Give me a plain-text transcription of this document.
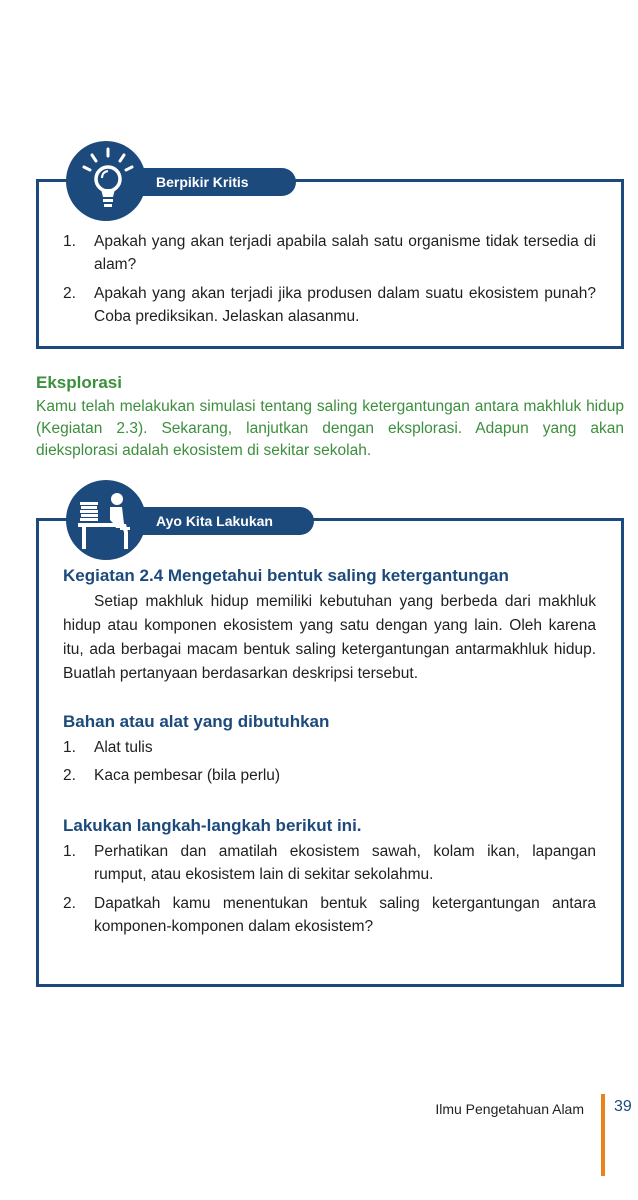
Berpikir Kritis
1. Apakah yang akan terjadi apabila salah satu organisme tidak tersedia di alam?
2. Apakah yang akan terjadi jika produsen dalam suatu ekosistem punah? Coba prediksikan. Jelaskan alasanmu.
Eksplorasi
Kamu telah melakukan simulasi tentang saling ketergantungan antara makhluk hidup (Kegiatan 2.3). Sekarang, lanjutkan dengan eksplorasi. Adapun yang akan dieksplorasi adalah ekosistem di sekitar sekolah.
Ayo Kita Lakukan
Kegiatan 2.4 Mengetahui bentuk saling ketergantungan
Setiap makhluk hidup memiliki kebutuhan yang berbeda dari makhluk hidup atau komponen ekosistem yang satu dengan yang lain. Oleh karena itu, ada berbagai macam bentuk saling ketergantungan antarmakhluk hidup. Buatlah pertanyaan berdasarkan deskripsi tersebut.
Bahan atau alat yang dibutuhkan
1. Alat tulis
2. Kaca pembesar (bila perlu)
Lakukan langkah-langkah berikut ini.
1. Perhatikan dan amatilah ekosistem sawah, kolam ikan, lapangan rumput, atau ekosistem lain di sekitar sekolahmu.
2. Dapatkah kamu menentukan bentuk saling ketergantungan antara komponen-komponen dalam ekosistem?
Ilmu Pengetahuan Alam 39
